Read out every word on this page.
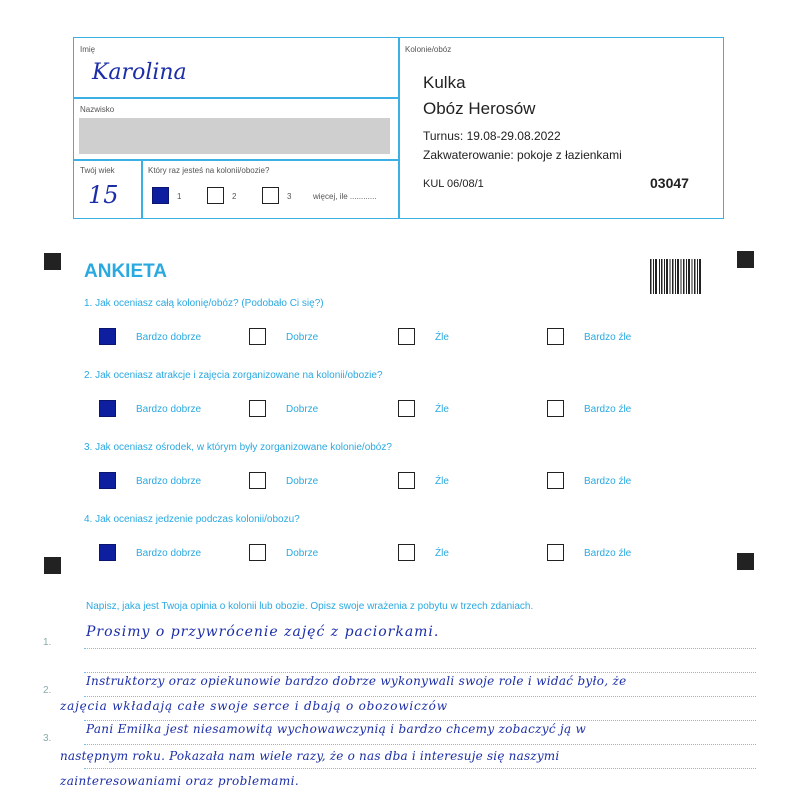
Imię
Karolina
Nazwisko
Twój wiek
15
Który raz jesteś na kolonii/obozie?
1	2	3	więcej, ile ............
Kolonie/obóz
Kulka
Obóz Herosów
Turnus: 19.08-29.08.2022
Zakwaterowanie: pokoje z łazienkami
KUL 06/08/1	03047
ANKIETA
1. Jak oceniasz całą kolonię/obóz? (Podobało Ci się?)
Bardzo dobrze	Dobrze	Źle	Bardzo źle
2. Jak oceniasz atrakcje i zajęcia zorganizowane na kolonii/obozie?
Bardzo dobrze	Dobrze	Źle	Bardzo źle
3. Jak oceniasz ośrodek, w którym były zorganizowane kolonie/obóz?
Bardzo dobrze	Dobrze	Źle	Bardzo źle
4. Jak oceniasz jedzenie podczas kolonii/obozu?
Bardzo dobrze	Dobrze	Źle	Bardzo źle
Napisz, jaka jest Twoja opinia o kolonii lub obozie. Opisz swoje wrażenia z pobytu w trzech zdaniach.
1.
2.
3.
Prosimy o przywrócenie zajęć z paciorkami.
Instruktorzy oraz opiekunowie bardzo dobrze wykonywali swoje role i widać było, że
zajęcia wkładają całe swoje serce i dbają o obozowiczów
Pani Emilka jest niesamowitą wychowawczynią i bardzo chcemy zobaczyć ją w
następnym roku. Pokazała nam wiele razy, że o nas dba i interesuje się naszymi
zainteresowaniami oraz problemami.
